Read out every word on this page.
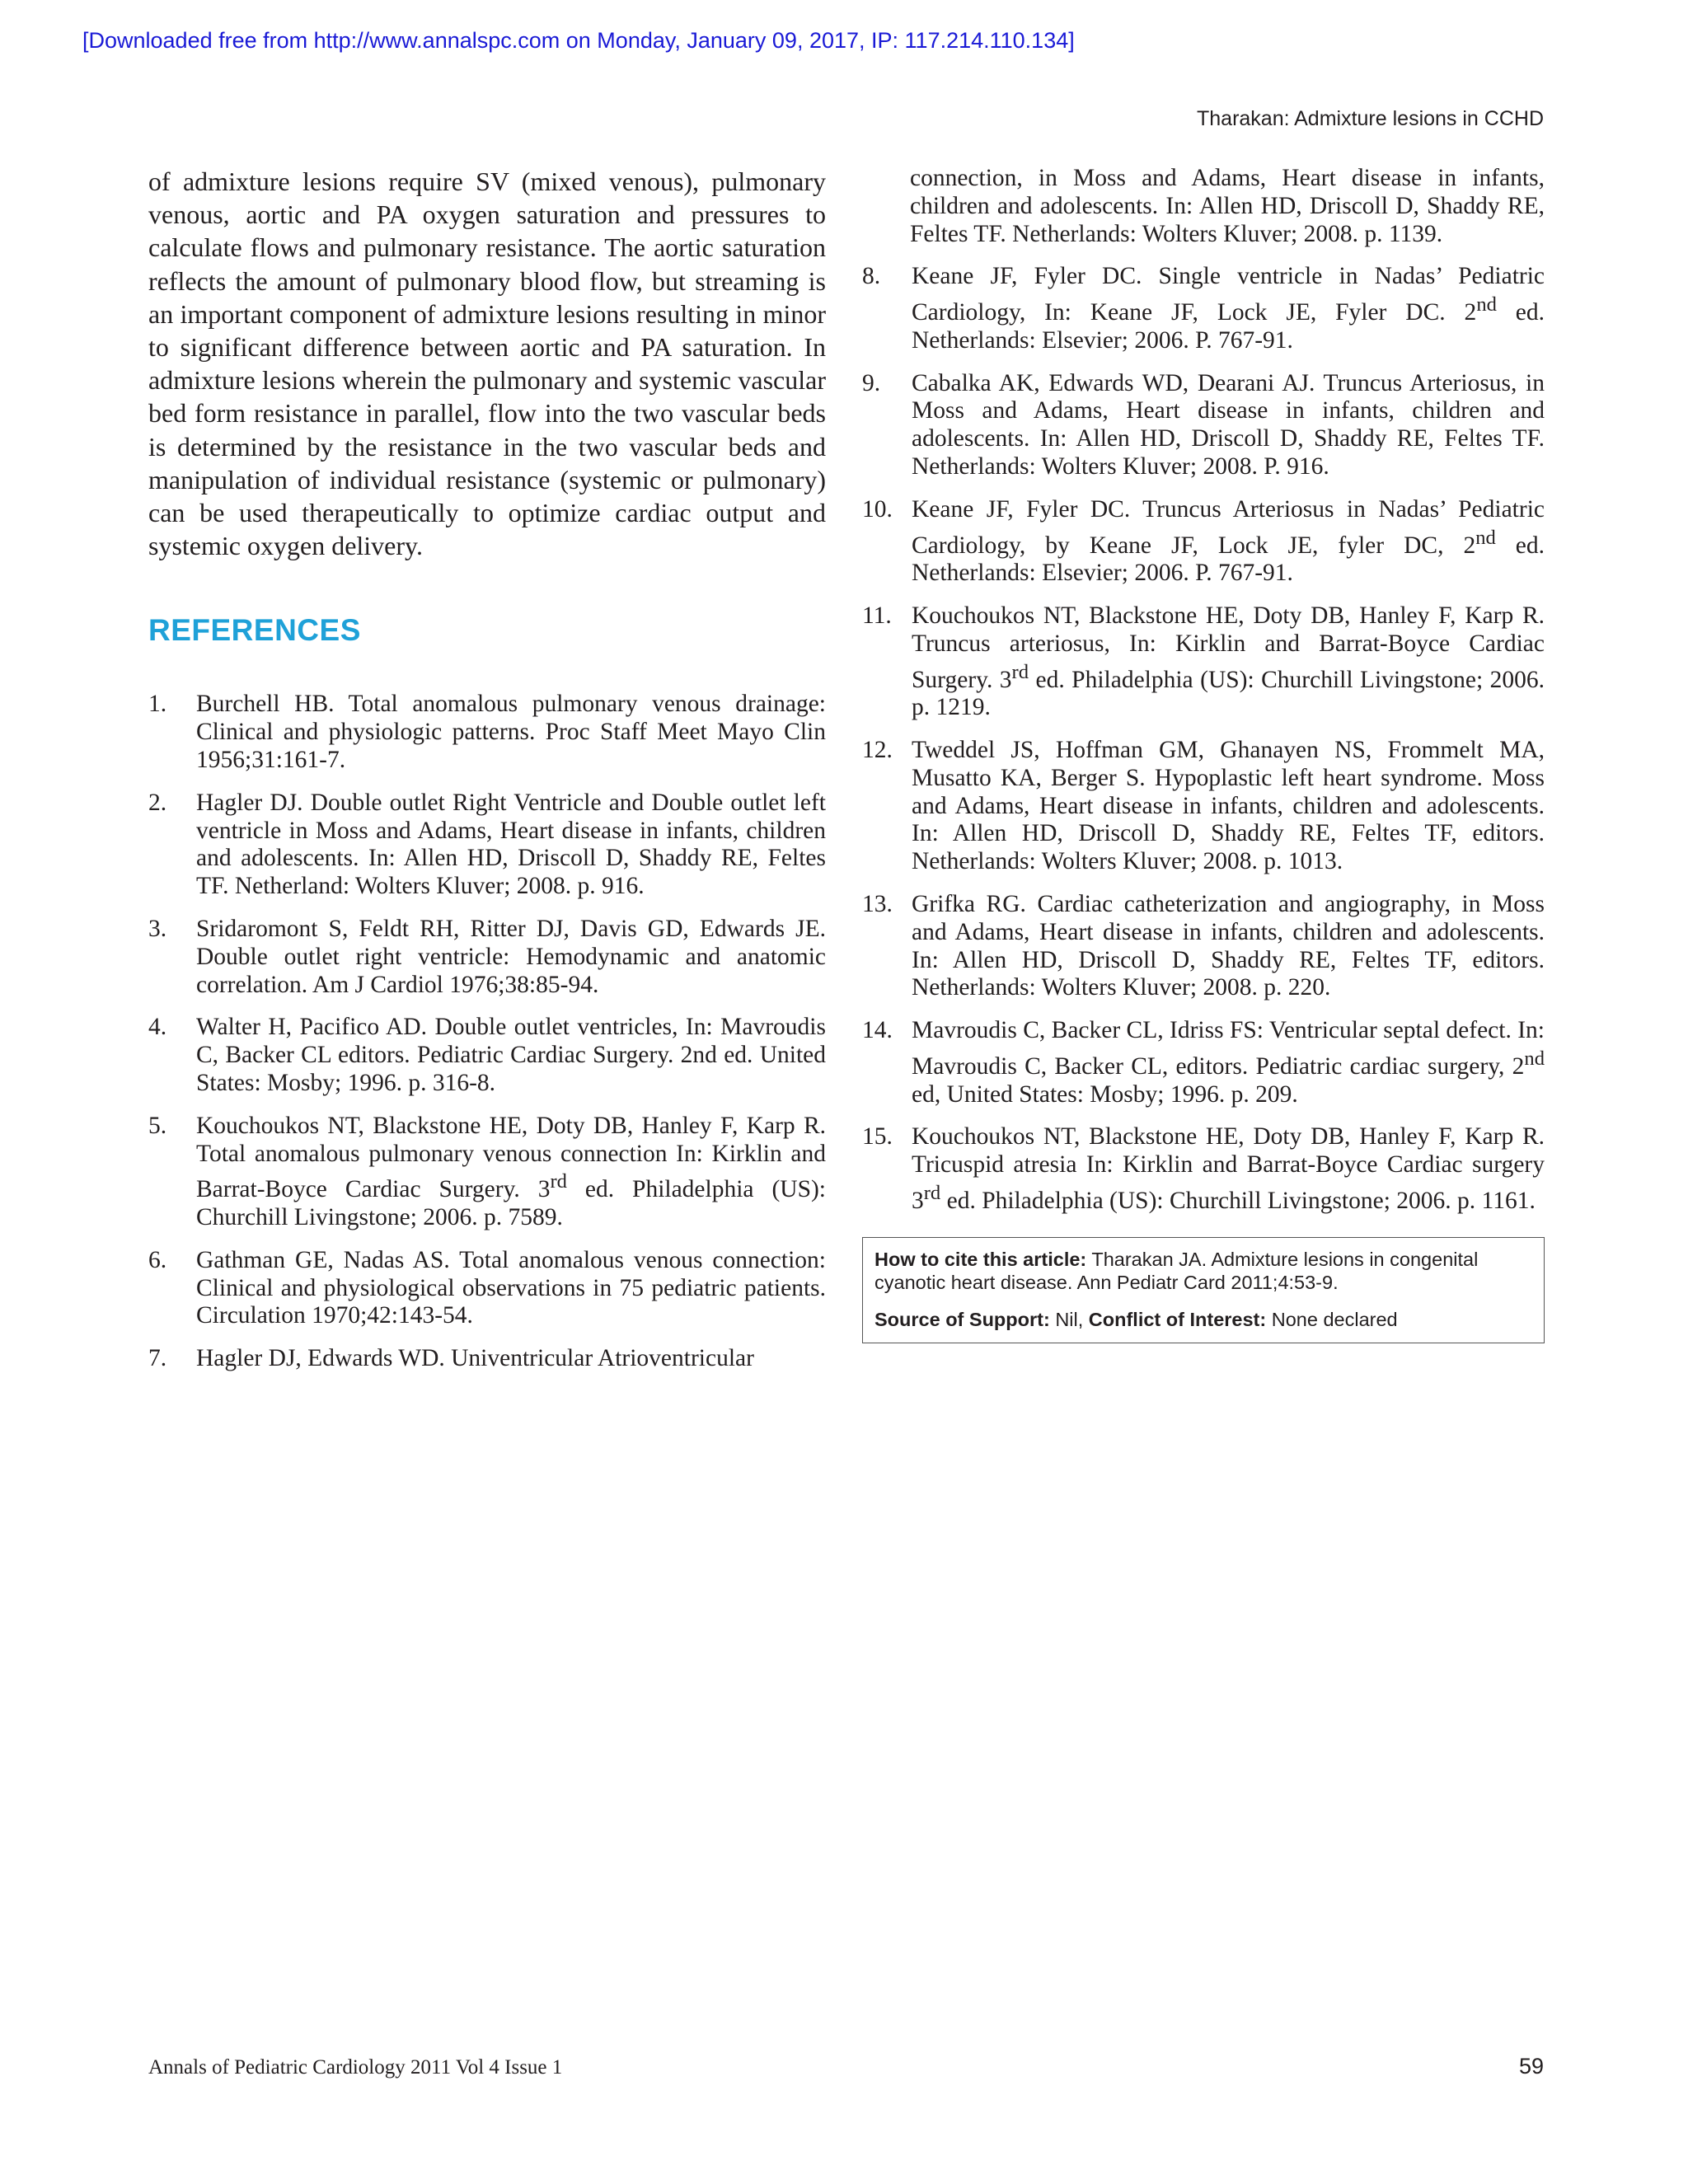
[Downloaded free from http://www.annalspc.com on Monday, January 09, 2017, IP: 117.214.110.134]
Tharakan: Admixture lesions in CCHD

of admixture lesions require SV (mixed venous), pulmonary venous, aortic and PA oxygen saturation and pressures to calculate flows and pulmonary resistance. The aortic saturation reflects the amount of pulmonary blood flow, but streaming is an important component of admixture lesions resulting in minor to significant difference between aortic and PA saturation. In admixture lesions wherein the pulmonary and systemic vascular bed form resistance in parallel, flow into the two vascular beds is determined by the resistance in the two vascular beds and manipulation of individual resistance (systemic or pulmonary) can be used therapeutically to optimize cardiac output and systemic oxygen delivery.

REFERENCES
1.	Burchell HB. Total anomalous pulmonary venous drainage: Clinical and physiologic patterns. Proc Staff Meet Mayo Clin 1956;31:161-7.
2.	Hagler DJ. Double outlet Right Ventricle and Double outlet left ventricle in Moss and Adams, Heart disease in infants, children and adolescents. In: Allen HD, Driscoll D, Shaddy RE, Feltes TF. Netherland: Wolters Kluver; 2008. p. 916.
3.	Sridaromont S, Feldt RH, Ritter DJ, Davis GD, Edwards JE. Double outlet right ventricle: Hemodynamic and anatomic correlation. Am J Cardiol 1976;38:85-94.
4.	Walter H, Pacifico AD. Double outlet ventricles, In: Mavroudis C, Backer CL editors. Pediatric Cardiac Surgery. 2nd ed. United States: Mosby; 1996. p. 316-8.
5.	Kouchoukos NT, Blackstone HE, Doty DB, Hanley F, Karp R. Total anomalous pulmonary venous connection In: Kirklin and Barrat-Boyce Cardiac Surgery. 3rd ed. Philadelphia (US): Churchill Livingstone; 2006. p. 7589.
6.	Gathman GE, Nadas AS. Total anomalous venous connection: Clinical and physiological observations in 75 pediatric patients. Circulation 1970;42:143-54.
7.	Hagler DJ, Edwards WD. Univentricular Atrioventricular
connection, in Moss and Adams, Heart disease in infants, children and adolescents. In: Allen HD, Driscoll D, Shaddy RE, Feltes TF. Netherlands: Wolters Kluver; 2008. p. 1139.
8.	Keane JF, Fyler DC. Single ventricle in Nadas’ Pediatric Cardiology, In: Keane JF, Lock JE, Fyler DC. 2nd ed. Netherlands: Elsevier; 2006. P. 767-91.
9.	Cabalka AK, Edwards WD, Dearani AJ. Truncus Arteriosus, in Moss and Adams, Heart disease in infants, children and adolescents. In: Allen HD, Driscoll D, Shaddy RE, Feltes TF. Netherlands: Wolters Kluver; 2008. P. 916.
10. Keane JF, Fyler DC. Truncus Arteriosus in Nadas’ Pediatric Cardiology, by Keane JF, Lock JE, fyler DC, 2nd ed. Netherlands: Elsevier; 2006. P. 767-91.
11. Kouchoukos NT, Blackstone HE, Doty DB, Hanley F, Karp R. Truncus arteriosus, In: Kirklin and Barrat-Boyce Cardiac Surgery. 3rd ed. Philadelphia (US): Churchill Livingstone; 2006. p. 1219.
12. Tweddel JS, Hoffman GM, Ghanayen NS, Frommelt MA, Musatto KA, Berger S. Hypoplastic left heart syndrome. Moss and Adams, Heart disease in infants, children and adolescents. In: Allen HD, Driscoll D, Shaddy RE, Feltes TF, editors. Netherlands: Wolters Kluver; 2008. p. 1013.
13. Grifka RG. Cardiac catheterization and angiography, in Moss and Adams, Heart disease in infants, children and adolescents. In: Allen HD, Driscoll D, Shaddy RE, Feltes TF, editors. Netherlands: Wolters Kluver; 2008. p. 220.
14. Mavroudis C, Backer CL, Idriss FS: Ventricular septal defect. In: Mavroudis C, Backer CL, editors. Pediatric cardiac surgery, 2nd ed, United States: Mosby; 1996. p. 209.
15. Kouchoukos NT, Blackstone HE, Doty DB, Hanley F, Karp R. Tricuspid atresia In: Kirklin and Barrat-Boyce Cardiac surgery 3rd ed. Philadelphia (US): Churchill Livingstone; 2006. p. 1161.

How to cite this article: Tharakan JA. Admixture lesions in congenital cyanotic heart disease. Ann Pediatr Card 2011;4:53-9.

Source of Support: Nil, Conflict of Interest: None declared

Annals of Pediatric Cardiology 2011 Vol 4 Issue 1	59
